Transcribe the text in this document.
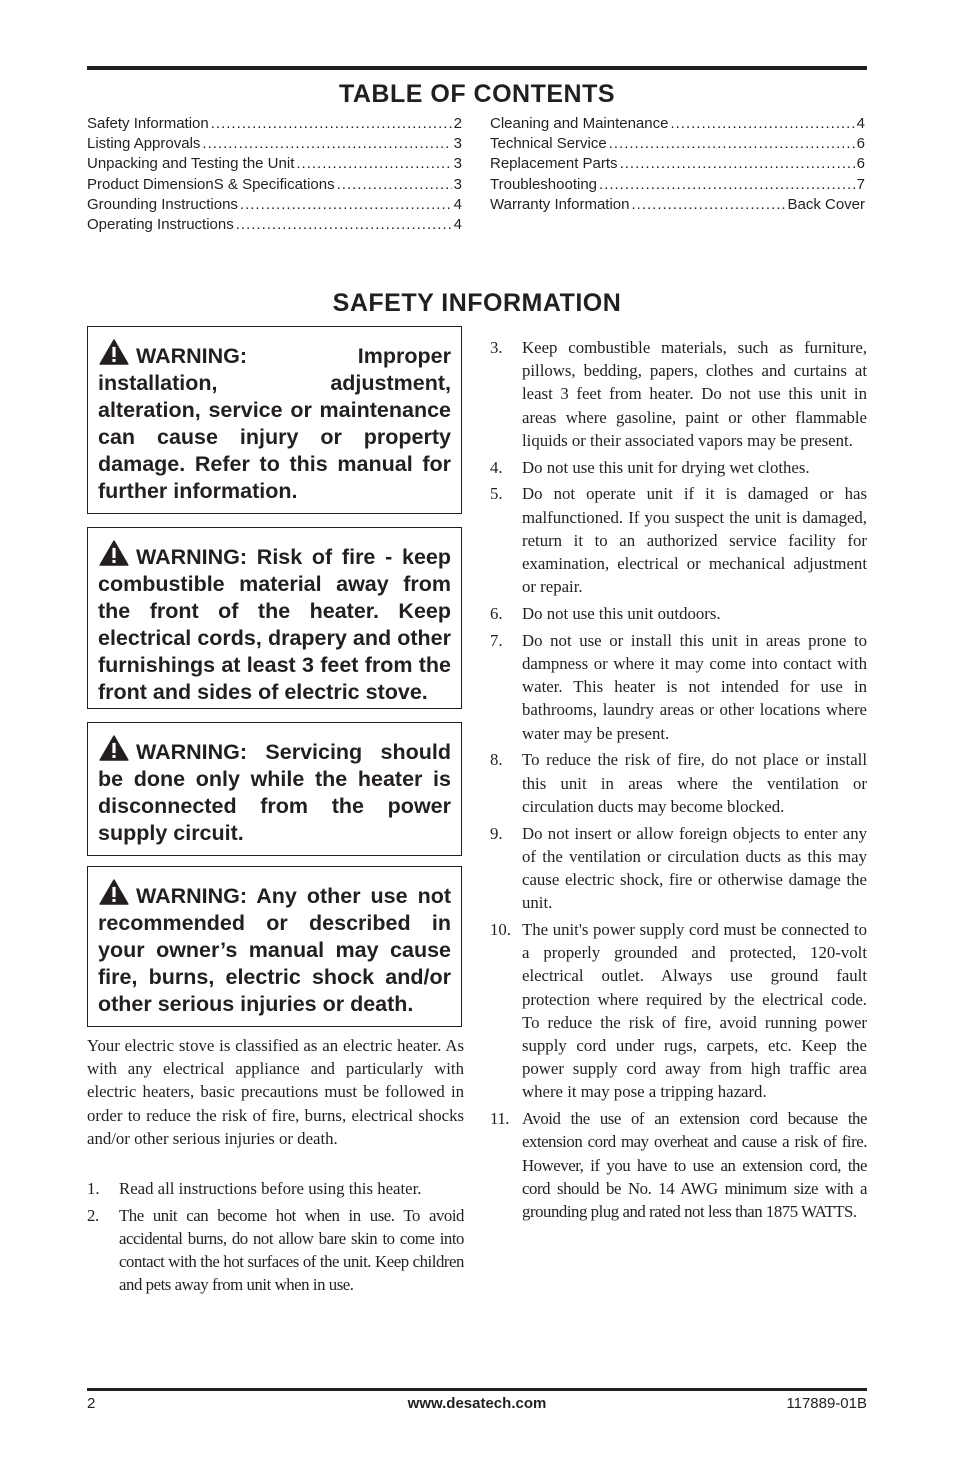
TABLE OF CONTENTS
Safety Information .....	2
Listing Approvals .....	3
Unpacking and Testing the Unit .....	3
Product DimensionS & Specifications .....	3
Grounding Instructions .....	4
Operating Instructions .....	4
Cleaning and Maintenance .....	4
Technical Service .....	6
Replacement Parts .....	6
Troubleshooting .....	7
Warranty Information .....	Back Cover
SAFETY INFORMATION
WARNING: Improper installation, adjustment, alteration, service or maintenance can cause injury or property damage. Refer to this manual for further information.
WARNING: Risk of fire - keep combustible material away from the front of the heater. Keep electrical cords, drapery and other furnishings at least 3 feet from the front and sides of electric stove.
WARNING: Servicing should be done only while the heater is disconnected from the power supply circuit.
WARNING: Any other use not recommended or described in your owner’s manual may cause fire, burns, electric shock and/or other serious injuries or death.
Your electric stove is classified as an electric heater. As with any electrical appliance and particularly with electric heaters, basic precautions must be followed in order to reduce the risk of fire, burns, electrical shocks and/or other serious injuries or death.
1. Read all instructions before using this heater.
2. The unit can become hot when in use. To avoid accidental burns, do not allow bare skin to come into contact with the hot surfaces of the unit. Keep children and pets away from unit when in use.
3. Keep combustible materials, such as furniture, pillows, bedding, papers, clothes and curtains at least 3 feet from heater. Do not use this unit in areas where gasoline, paint or other flammable liquids or their associated vapors may be present.
4. Do not use this unit for drying wet clothes.
5. Do not operate unit if it is damaged or has malfunctioned. If you suspect the unit is damaged, return it to an authorized service facility for examination, electrical or mechanical adjustment or repair.
6. Do not use this unit outdoors.
7. Do not use or install this unit in areas prone to dampness or where it may come into contact with water. This heater is not intended for use in bathrooms, laundry areas or other locations where water may be present.
8. To reduce the risk of fire, do not place or install this unit in areas where the ventilation or circulation ducts may become blocked.
9. Do not insert or allow foreign objects to enter any of the ventilation or circulation ducts as this may cause electric shock, fire or otherwise damage the unit.
10. The unit's power supply cord must be connected to a properly grounded and protected, 120-volt electrical outlet. Always use ground fault protection where required by the electrical code. To reduce the risk of fire, avoid running power supply cord under rugs, carpets, etc. Keep the power supply cord away from high traffic area where it may pose a tripping hazard.
11. Avoid the use of an extension cord because the extension cord may overheat and cause a risk of fire. However, if you have to use an extension cord, the cord should be No. 14 AWG minimum size with a grounding plug and rated not less than 1875 WATTS.
2	www.desatech.com	117889-01B
